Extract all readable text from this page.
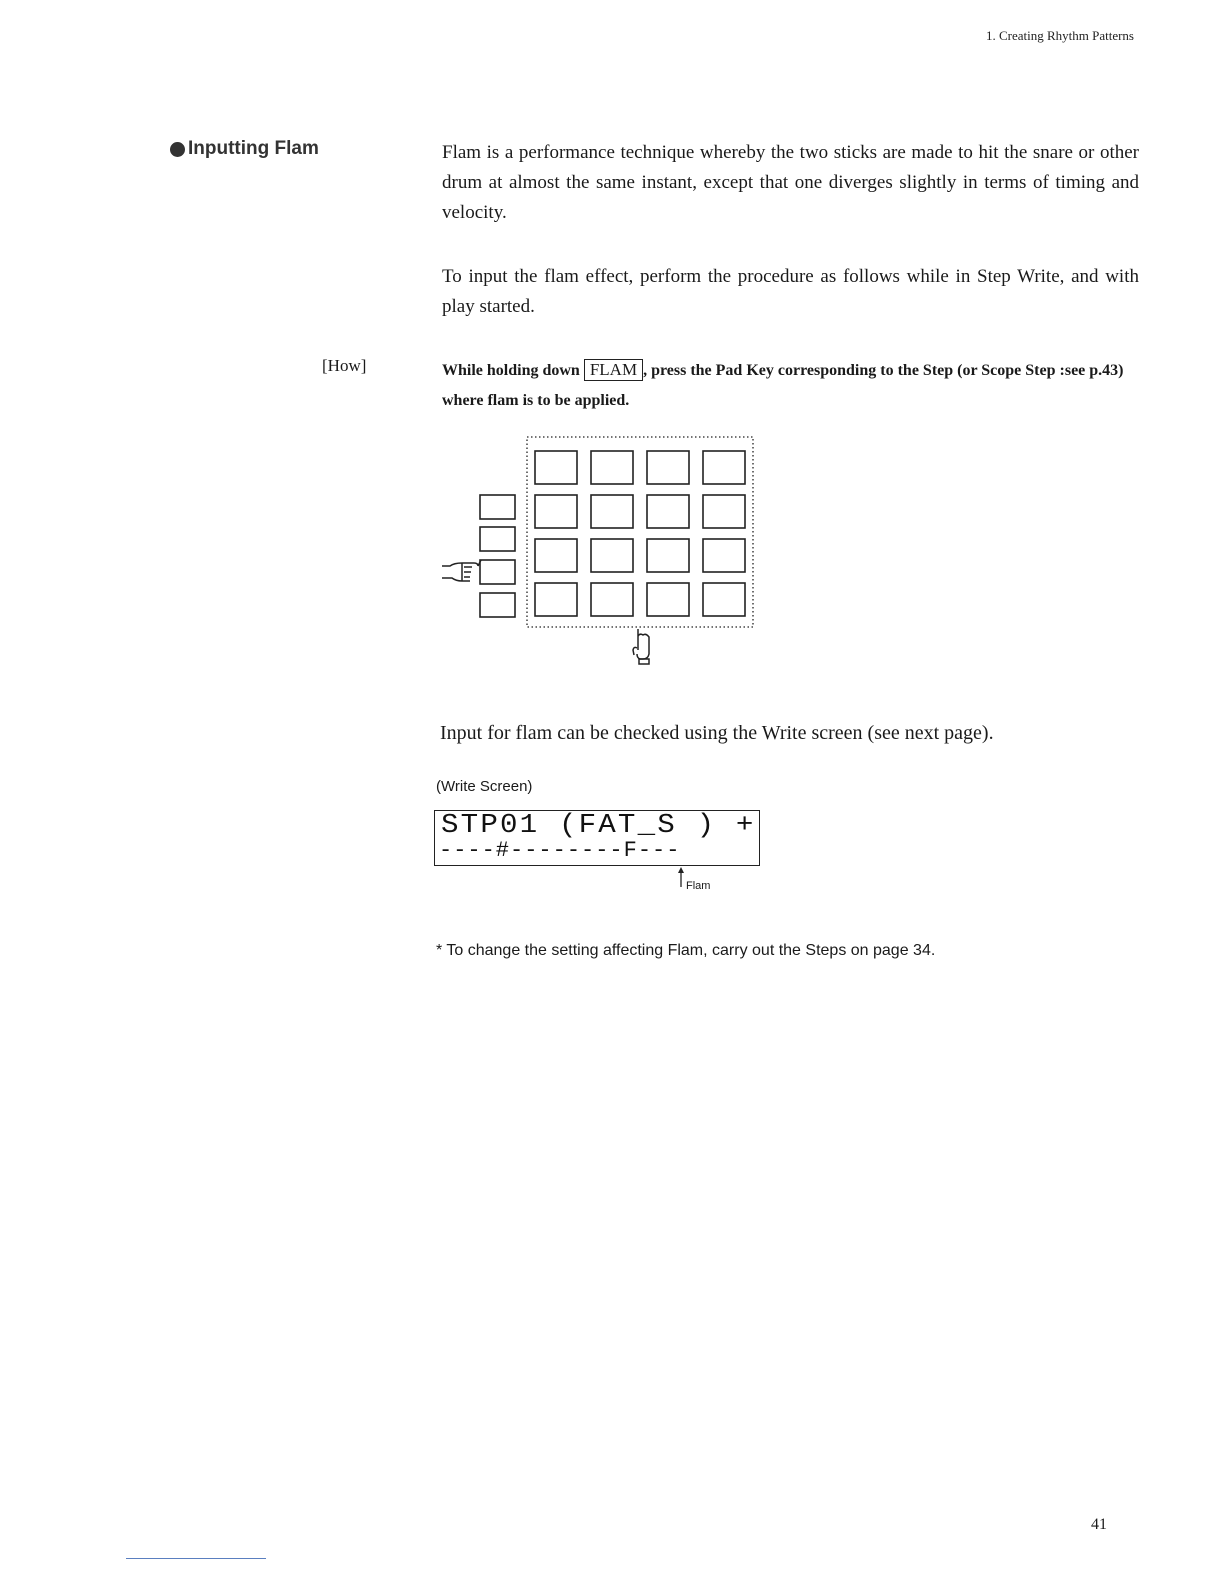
1. Creating Rhythm Patterns
Inputting Flam	Flam is a performance technique whereby the two sticks are made to hit the snare or other drum at almost the same instant, except that one diverges slightly in terms of timing and velocity.
To input the flam effect, perform the procedure as follows while in Step Write, and with play started.
[How]	While holding down FLAM , press the Pad Key corresponding to the Step (or Scope Step :see p.43) where flam is to be applied.
Input for flam can be checked using the Write screen (see next page).
(Write Screen)
STP01 (FAT_S ) +
----#--------F---
Flam
* To change the setting affecting Flam, carry out the Steps on page 34.
41
